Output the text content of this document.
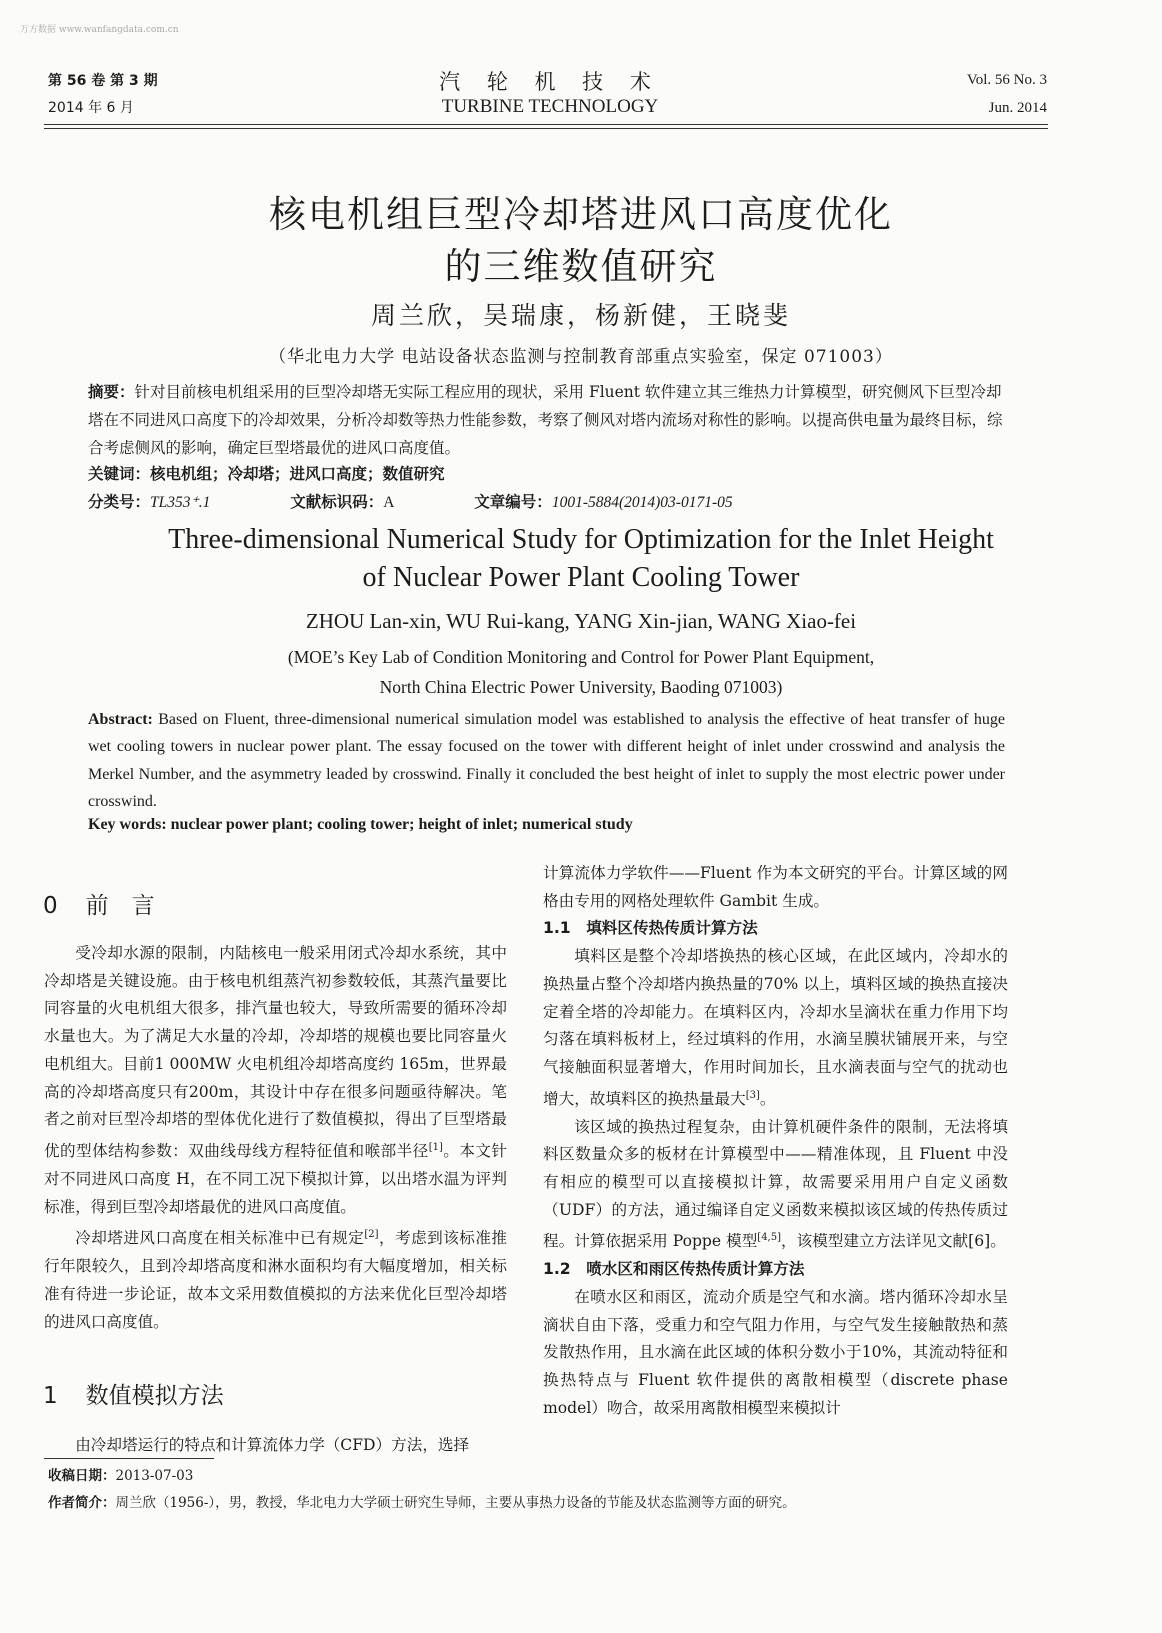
万方数据 www.wanfangdata.com.cn
第 56 卷 第 3 期
2014 年 6 月
汽 轮 机 技 术
TURBINE TECHNOLOGY
Vol. 56 No. 3
Jun. 2014
核电机组巨型冷却塔进风口高度优化
的三维数值研究
周兰欣，吴瑞康，杨新健，王晓斐
（华北电力大学 电站设备状态监测与控制教育部重点实验室，保定 071003）
摘要：针对目前核电机组采用的巨型冷却塔无实际工程应用的现状，采用 Fluent 软件建立其三维热力计算模型，研究侧风下巨型冷却塔在不同进风口高度下的冷却效果，分析冷却数等热力性能参数，考察了侧风对塔内流场对称性的影响。以提高供电量为最终目标，综合考虑侧风的影响，确定巨型塔最优的进风口高度值。
关键词：核电机组；冷却塔；进风口高度；数值研究
分类号：TL353⁺.1	文献标识码：A	文章编号：1001-5884(2014)03-0171-05
Three-dimensional Numerical Study for Optimization for the Inlet Height
of Nuclear Power Plant Cooling Tower
ZHOU Lan-xin, WU Rui-kang, YANG Xin-jian, WANG Xiao-fei
(MOE’s Key Lab of Condition Monitoring and Control for Power Plant Equipment,
North China Electric Power University, Baoding 071003)
Abstract: Based on Fluent, three-dimensional numerical simulation model was established to analysis the effective of heat transfer of huge wet cooling towers in nuclear power plant. The essay focused on the tower with different height of inlet under crosswind and analysis the Merkel Number, and the asymmetry leaded by crosswind. Finally it concluded the best height of inlet to supply the most electric power under crosswind.
Key words: nuclear power plant; cooling tower; height of inlet; numerical study
0 前　言

受冷却水源的限制，内陆核电一般采用闭式冷却水系统，其中冷却塔是关键设施。由于核电机组蒸汽初参数较低，其蒸汽量要比同容量的火电机组大很多，排汽量也较大，导致所需要的循环冷却水量也大。为了满足大水量的冷却，冷却塔的规模也要比同容量火电机组大。目前1 000MW 火电机组冷却塔高度约 165m，世界最高的冷却塔高度只有200m，其设计中存在很多问题亟待解决。笔者之前对巨型冷却塔的型体优化进行了数值模拟，得出了巨型塔最优的型体结构参数：双曲线母线方程特征值和喉部半径[1]。本文针对不同进风口高度 H，在不同工况下模拟计算，以出塔水温为评判标准，得到巨型冷却塔最优的进风口高度值。

冷却塔进风口高度在相关标准中已有规定[2]，考虑到该标准推行年限较久，且到冷却塔高度和淋水面积均有大幅度增加，相关标准有待进一步论证，故本文采用数值模拟的方法来优化巨型冷却塔的进风口高度值。

1 数值模拟方法

由冷却塔运行的特点和计算流体力学（CFD）方法，选择

计算流体力学软件——Fluent 作为本文研究的平台。计算区域的网格由专用的网格处理软件 Gambit 生成。

1.1　填料区传热传质计算方法

填料区是整个冷却塔换热的核心区域，在此区域内，冷却水的换热量占整个冷却塔内换热量的70% 以上，填料区域的换热直接决定着全塔的冷却能力。在填料区内，冷却水呈滴状在重力作用下均匀落在填料板材上，经过填料的作用，水滴呈膜状铺展开来，与空气接触面积显著增大，作用时间加长，且水滴表面与空气的扰动也增大，故填料区的换热量最大[3]。

该区域的换热过程复杂，由计算机硬件条件的限制，无法将填料区数量众多的板材在计算模型中——精准体现，且 Fluent 中没有相应的模型可以直接模拟计算，故需要采用用户自定义函数（UDF）的方法，通过编译自定义函数来模拟该区域的传热传质过程。计算依据采用 Poppe 模型[4,5]，该模型建立方法详见文献[6]。

1.2　喷水区和雨区传热传质计算方法

在喷水区和雨区，流动介质是空气和水滴。塔内循环冷却水呈滴状自由下落，受重力和空气阻力作用，与空气发生接触散热和蒸发散热作用，且水滴在此区域的体积分数小于10%，其流动特征和换热特点与 Fluent 软件提供的离散相模型（discrete phase model）吻合，故采用离散相模型来模拟计

收稿日期：2013-07-03
作者简介：周兰欣（1956-），男，教授，华北电力大学硕士研究生导师，主要从事热力设备的节能及状态监测等方面的研究。
